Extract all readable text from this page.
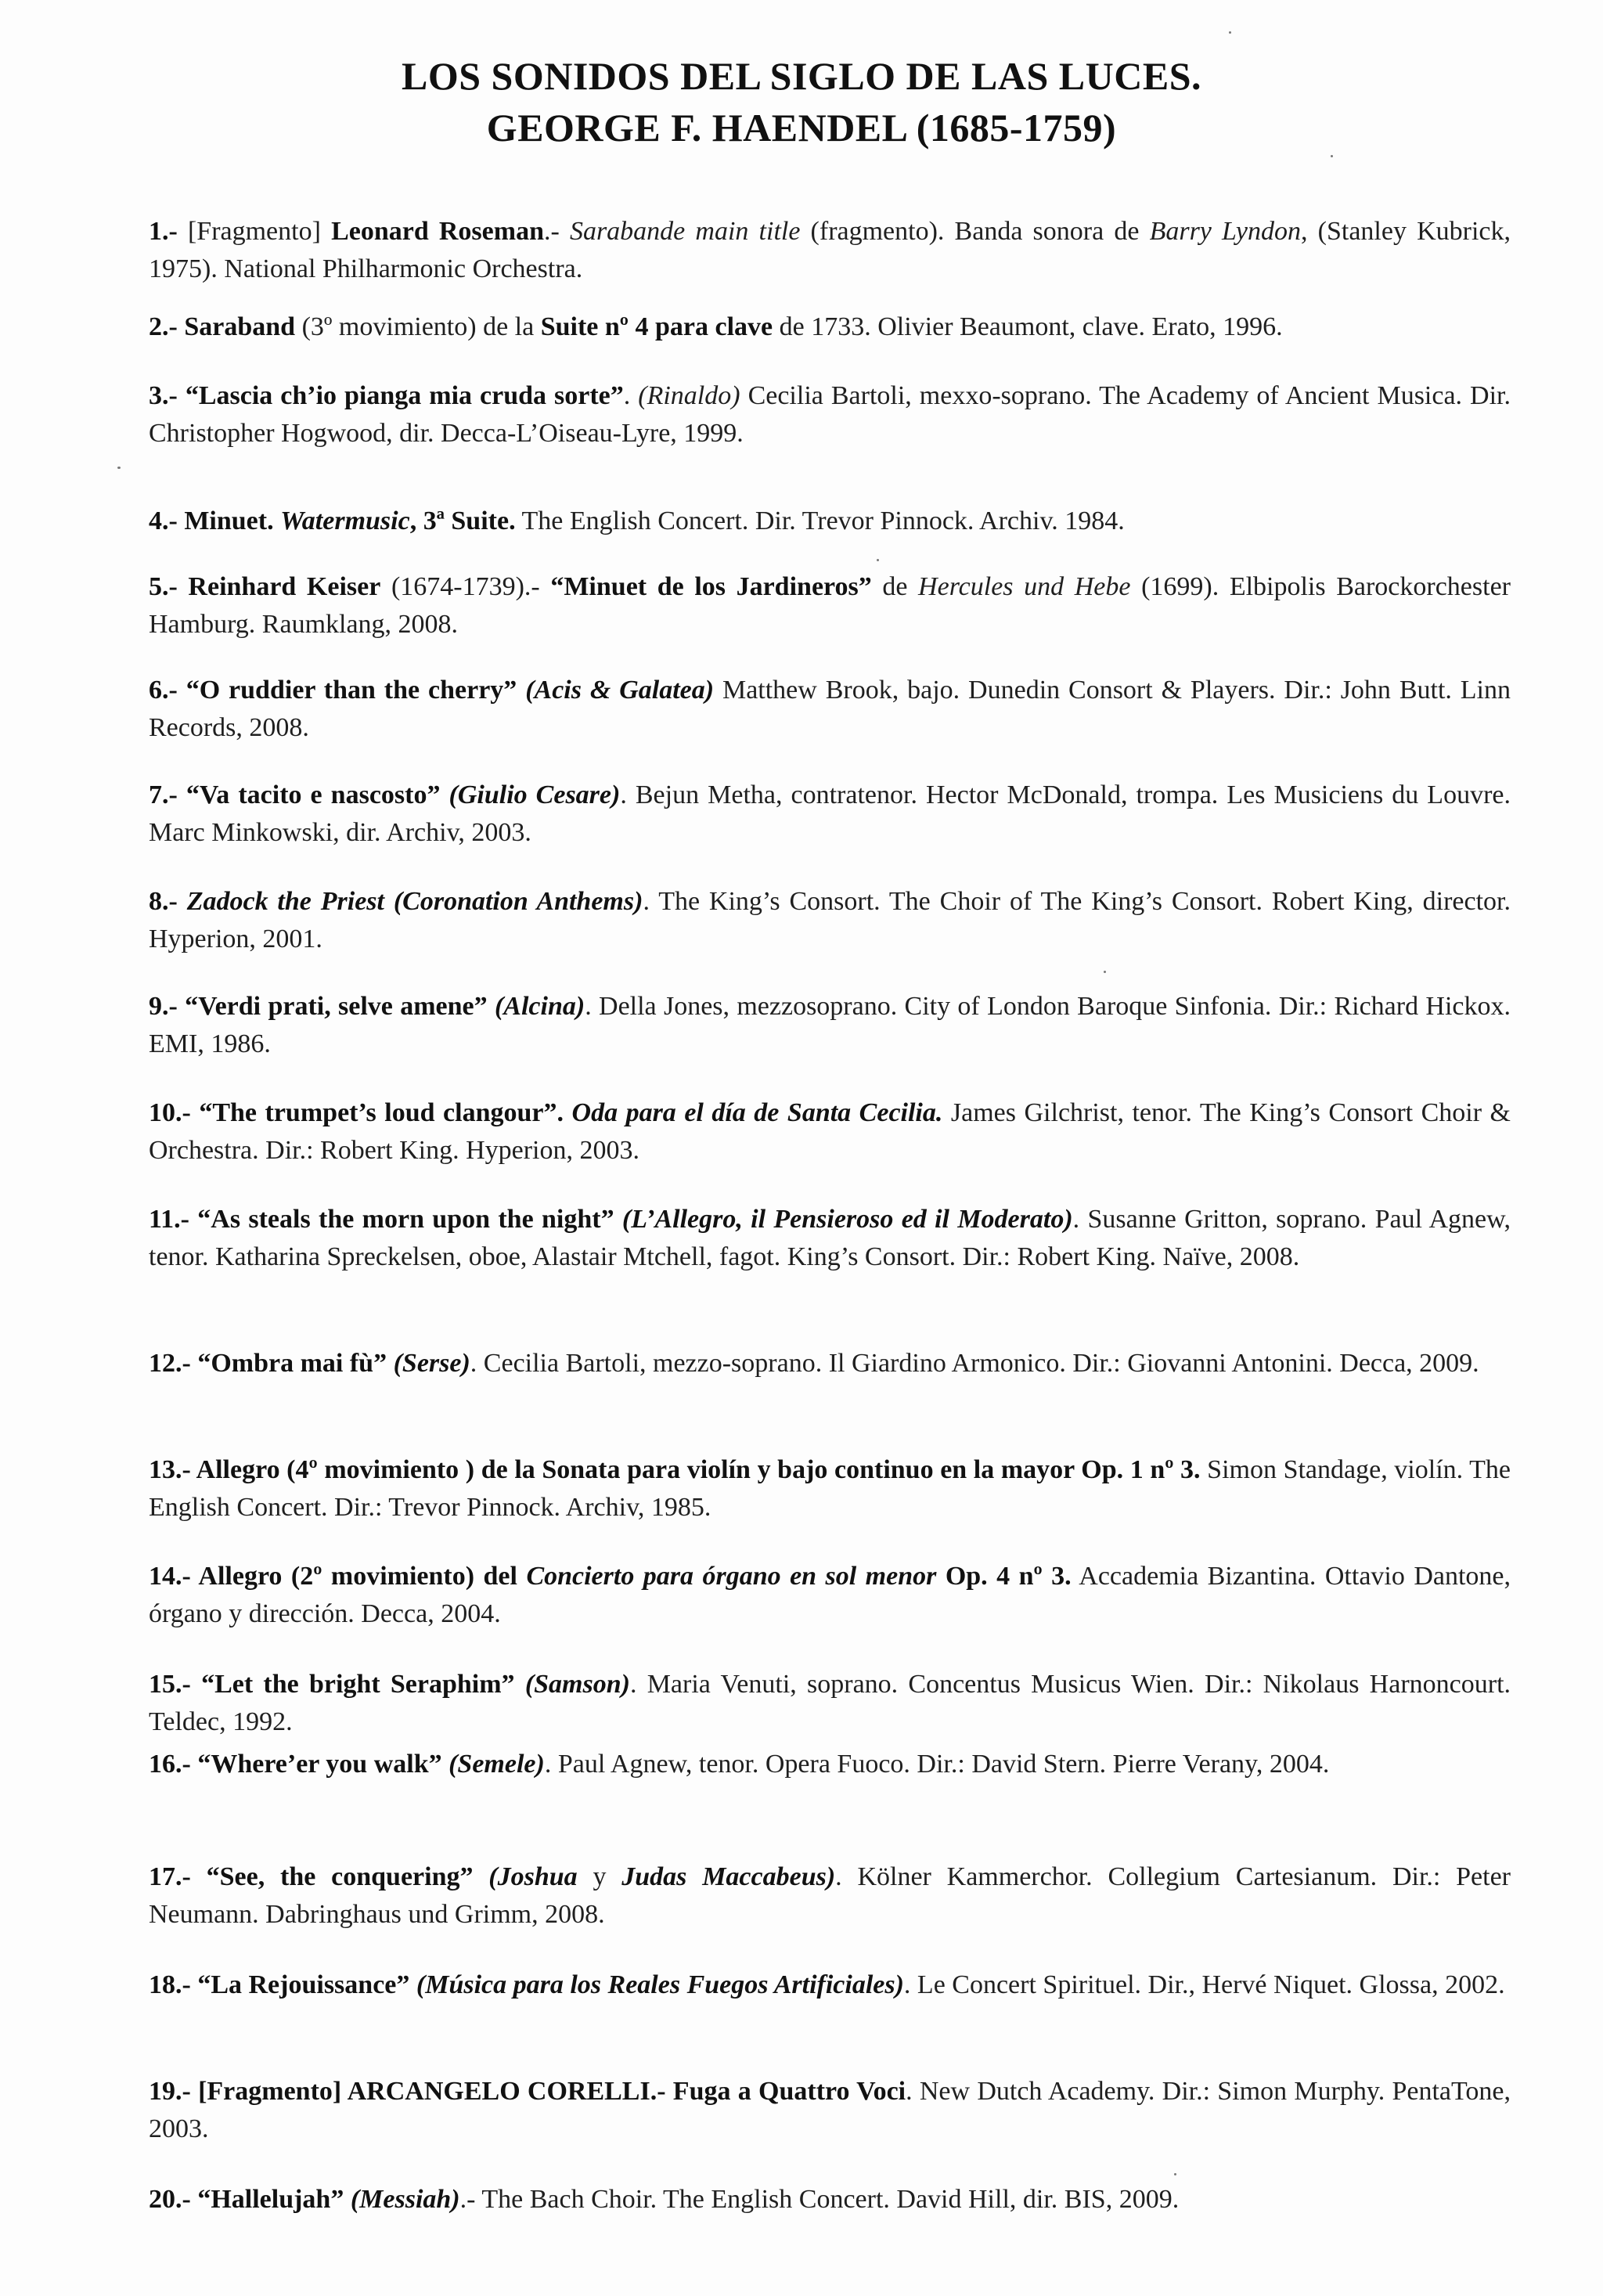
LOS SONIDOS DEL SIGLO DE LAS LUCES.
GEORGE F. HAENDEL (1685-1759)
1.- [Fragmento] Leonard Roseman.- Sarabande main title (fragmento). Banda sonora de Barry Lyndon, (Stanley Kubrick, 1975). National Philharmonic Orchestra.
2.- Saraband (3º movimiento) de la Suite nº 4 para clave de 1733. Olivier Beaumont, clave. Erato, 1996.
3.- “Lascia ch’io pianga mia cruda sorte”. (Rinaldo) Cecilia Bartoli, mexxo-soprano. The Academy of Ancient Musica. Dir. Christopher Hogwood, dir. Decca-L’Oiseau-Lyre, 1999.
4.- Minuet. Watermusic, 3ª Suite. The English Concert. Dir. Trevor Pinnock. Archiv. 1984.
5.- Reinhard Keiser (1674-1739).- “Minuet de los Jardineros” de Hercules und Hebe (1699). Elbipolis Barockorchester Hamburg. Raumklang, 2008.
6.- “O ruddier than the cherry” (Acis & Galatea) Matthew Brook, bajo. Dunedin Consort & Players. Dir.: John Butt. Linn Records, 2008.
7.- “Va tacito e nascosto” (Giulio Cesare). Bejun Metha, contratenor. Hector McDonald, trompa. Les Musiciens du Louvre. Marc Minkowski, dir. Archiv, 2003.
8.- Zadock the Priest (Coronation Anthems). The King’s Consort. The Choir of The King’s Consort. Robert King, director. Hyperion, 2001.
9.- “Verdi prati, selve amene” (Alcina). Della Jones, mezzosoprano. City of London Baroque Sinfonia. Dir.: Richard Hickox. EMI, 1986.
10.- “The trumpet’s loud clangour”. Oda para el día de Santa Cecilia. James Gilchrist, tenor. The King’s Consort Choir & Orchestra. Dir.: Robert King. Hyperion, 2003.
11.- “As steals the morn upon the night” (L’Allegro, il Pensieroso ed il Moderato). Susanne Gritton, soprano. Paul Agnew, tenor. Katharina Spreckelsen, oboe, Alastair Mtchell, fagot. King’s Consort. Dir.: Robert King. Naïve, 2008.
12.- “Ombra mai fù” (Serse). Cecilia Bartoli, mezzo-soprano. Il Giardino Armonico. Dir.: Giovanni Antonini. Decca, 2009.
13.- Allegro (4º movimiento ) de la Sonata para violín y bajo continuo en la mayor Op. 1 nº 3. Simon Standage, violín. The English Concert. Dir.: Trevor Pinnock. Archiv, 1985.
14.- Allegro (2º movimiento) del Concierto para órgano en sol menor Op. 4 nº 3. Accademia Bizantina. Ottavio Dantone, órgano y dirección. Decca, 2004.
15.- “Let the bright Seraphim” (Samson). Maria Venuti, soprano. Concentus Musicus Wien. Dir.: Nikolaus Harnoncourt. Teldec, 1992.
16.- “Where’er you walk” (Semele). Paul Agnew, tenor. Opera Fuoco. Dir.: David Stern. Pierre Verany, 2004.
17.- “See, the conquering” (Joshua y Judas Maccabeus). Kölner Kammerchor. Collegium Cartesianum. Dir.: Peter Neumann. Dabringhaus und Grimm, 2008.
18.- “La Rejouissance” (Música para los Reales Fuegos Artificiales). Le Concert Spirituel. Dir., Hervé Niquet. Glossa, 2002.
19.- [Fragmento] ARCANGELO CORELLI.- Fuga a Quattro Voci. New Dutch Academy. Dir.: Simon Murphy. PentaTone, 2003.
20.- “Hallelujah” (Messiah).- The Bach Choir. The English Concert. David Hill, dir. BIS, 2009.
